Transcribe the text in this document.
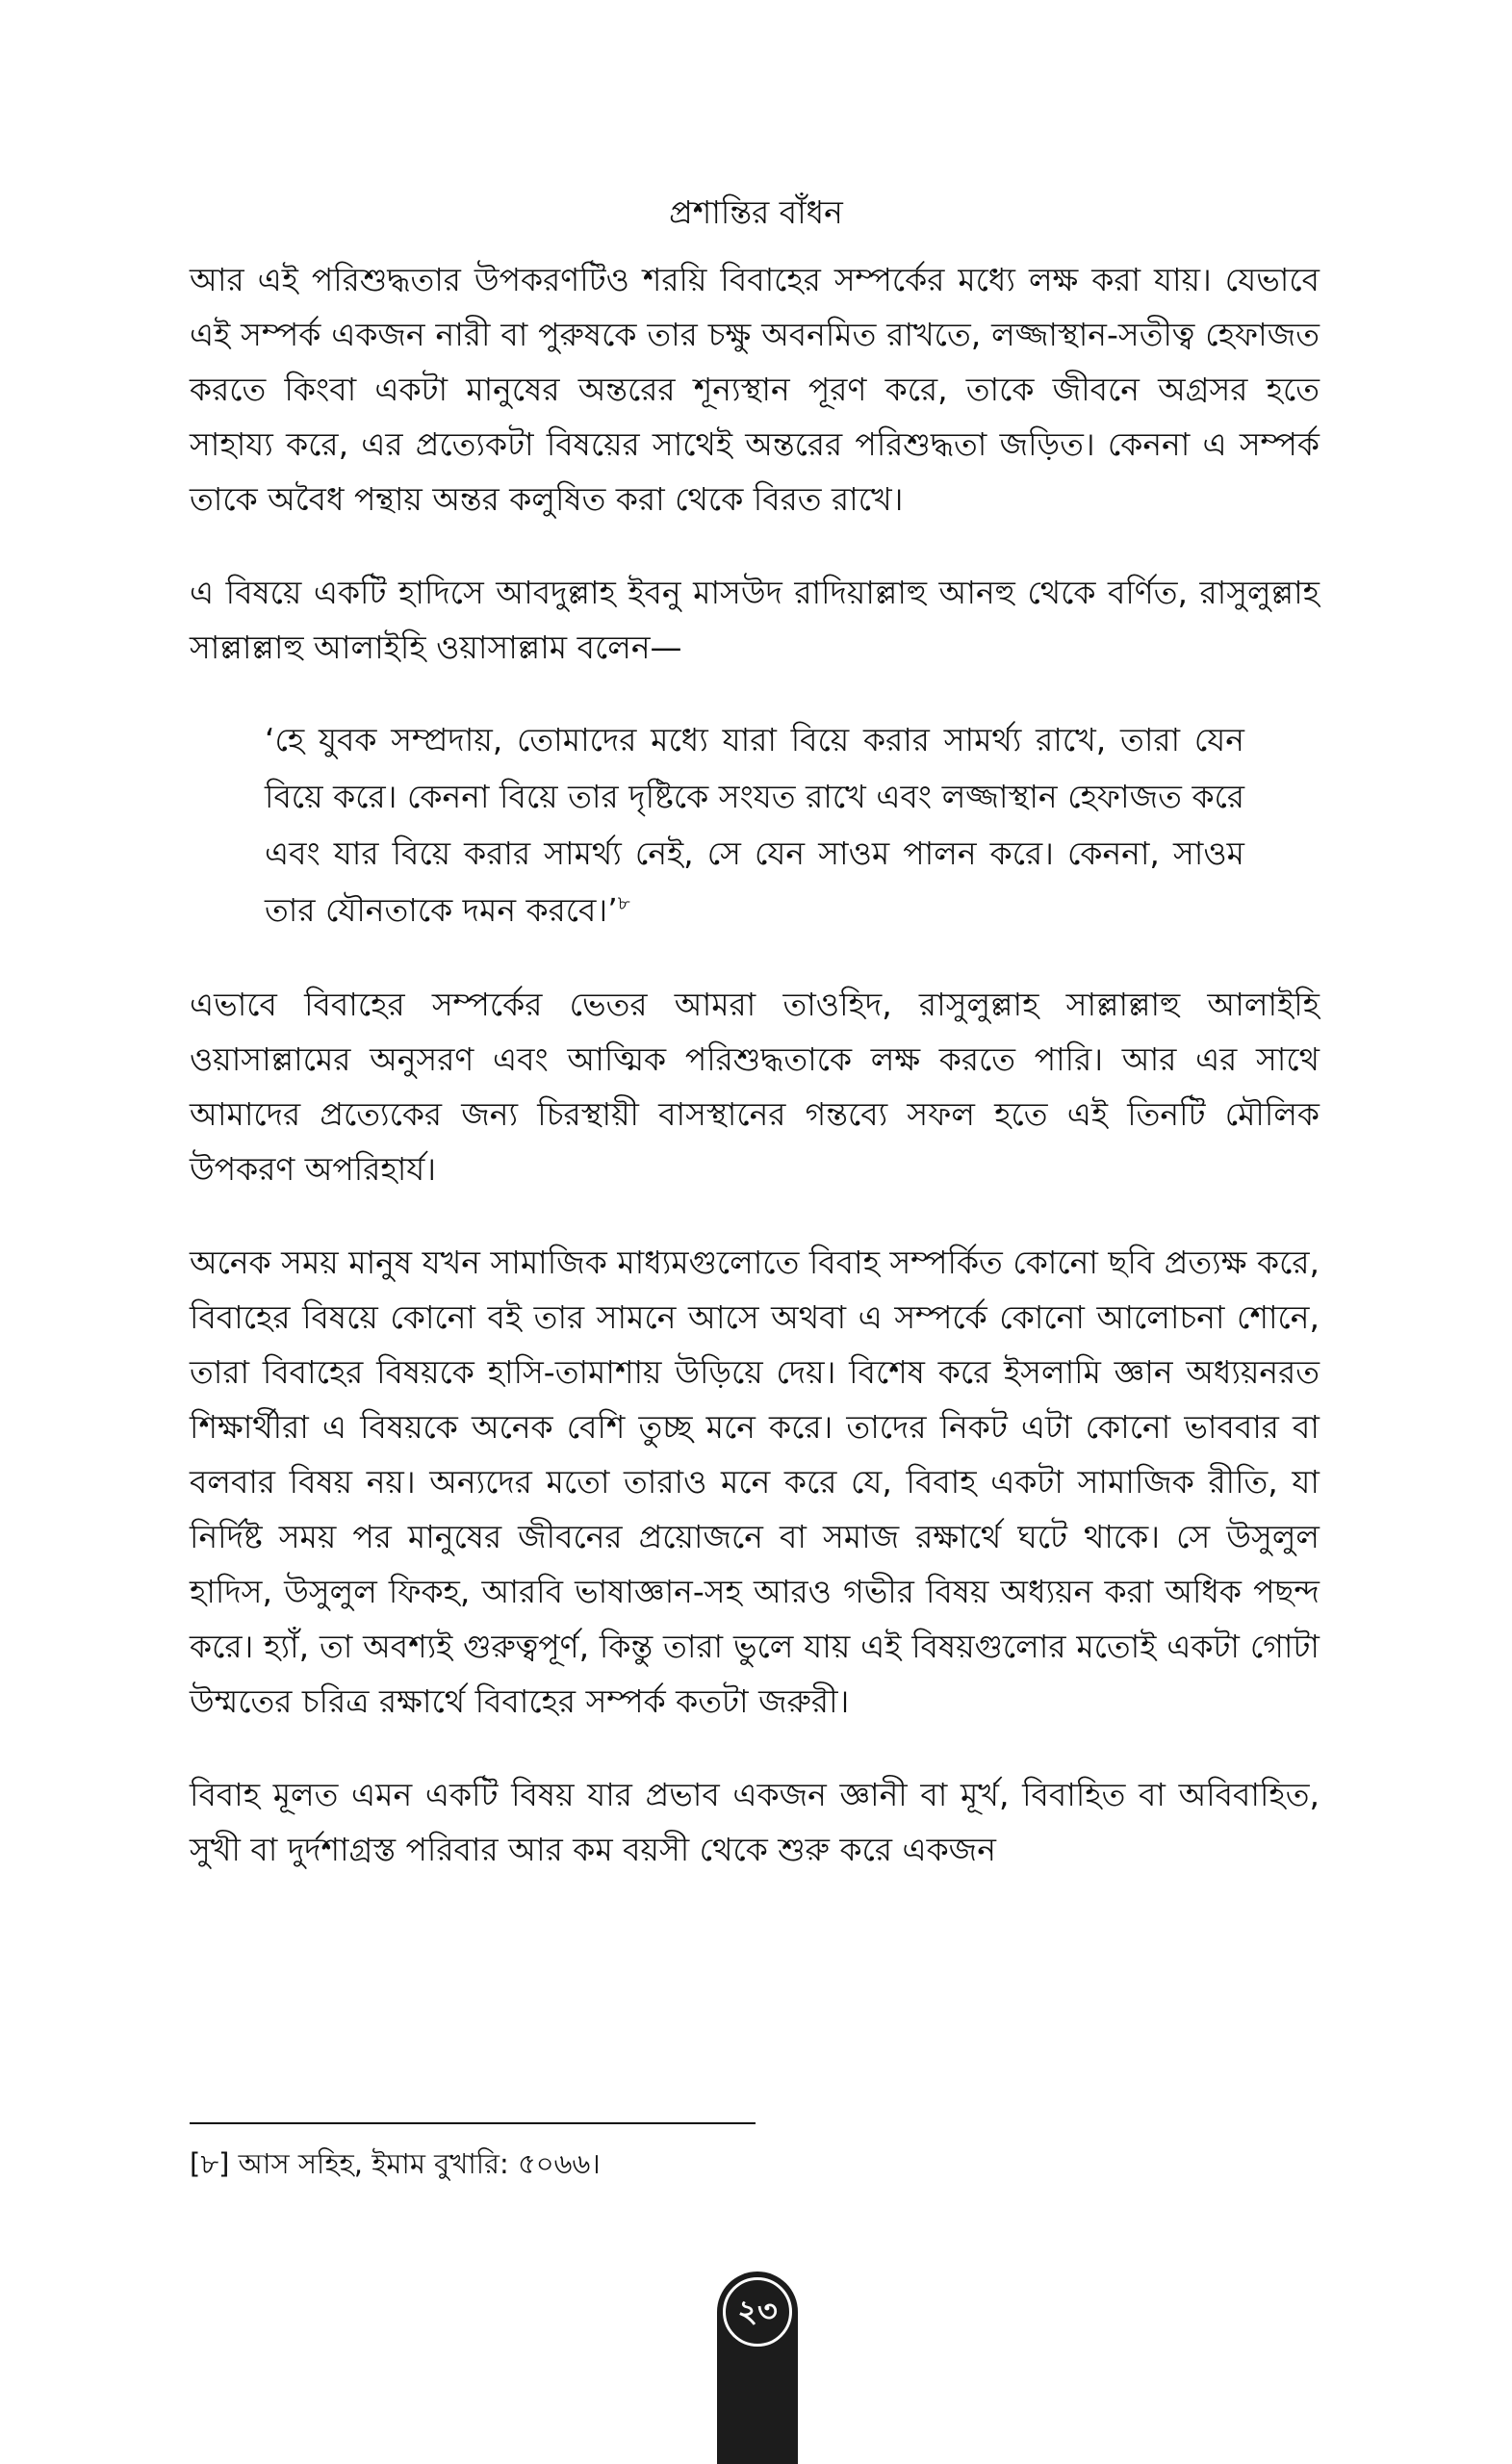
প্রশান্তির বাঁধন

আর এই পরিশুদ্ধতার উপকরণটিও শরয়ি বিবাহের সম্পর্কের মধ্যে লক্ষ করা যায়। যেভাবে এই সম্পর্ক একজন নারী বা পুরুষকে তার চক্ষু অবনমিত রাখতে, লজ্জাস্থান-সতীত্ব হেফাজত করতে কিংবা একটা মানুষের অন্তরের শূন্যস্থান পূরণ করে, তাকে জীবনে অগ্রসর হতে সাহায্য করে, এর প্রত্যেকটা বিষয়ের সাথেই অন্তরের পরিশুদ্ধতা জড়িত। কেননা এ সম্পর্ক তাকে অবৈধ পন্থায় অন্তর কলুষিত করা থেকে বিরত রাখে।

এ বিষয়ে একটি হাদিসে আবদুল্লাহ ইবনু মাসউদ রাদিয়াল্লাহু আনহু থেকে বর্ণিত, রাসুলুল্লাহ সাল্লাল্লাহু আলাইহি ওয়াসাল্লাম বলেন—

‘হে যুবক সম্প্রদায়, তোমাদের মধ্যে যারা বিয়ে করার সামর্থ্য রাখে, তারা যেন বিয়ে করে। কেননা বিয়ে তার দৃষ্টিকে সংযত রাখে এবং লজ্জাস্থান হেফাজত করে এবং যার বিয়ে করার সামর্থ্য নেই, সে যেন সাওম পালন করে। কেননা, সাওম তার যৌনতাকে দমন করবে।’$^৮$

এভাবে বিবাহের সম্পর্কের ভেতর আমরা তাওহিদ, রাসুলুল্লাহ সাল্লাল্লাহু আলাইহি ওয়াসাল্লামের অনুসরণ এবং আত্মিক পরিশুদ্ধতাকে লক্ষ করতে পারি। আর এর সাথে আমাদের প্রত্যেকের জন্য চিরস্থায়ী বাসস্থানের গন্তব্যে সফল হতে এই তিনটি মৌলিক উপকরণ অপরিহার্য।

অনেক সময় মানুষ যখন সামাজিক মাধ্যমগুলোতে বিবাহ সম্পর্কিত কোনো ছবি প্রত্যক্ষ করে, বিবাহের বিষয়ে কোনো বই তার সামনে আসে অথবা এ সম্পর্কে কোনো আলোচনা শোনে, তারা বিবাহের বিষয়কে হাসি-তামাশায় উড়িয়ে দেয়। বিশেষ করে ইসলামি জ্ঞান অধ্যয়নরত শিক্ষার্থীরা এ বিষয়কে অনেক বেশি তুচ্ছ মনে করে। তাদের নিকট এটা কোনো ভাববার বা বলবার বিষয় নয়। অন্যদের মতো তারাও মনে করে যে, বিবাহ একটা সামাজিক রীতি, যা নির্দিষ্ট সময় পর মানুষের জীবনের প্রয়োজনে বা সমাজ রক্ষার্থে ঘটে থাকে। সে উসুলুল হাদিস, উসুলুল ফিকহ, আরবি ভাষাজ্ঞান-সহ আরও গভীর বিষয় অধ্যয়ন করা অধিক পছন্দ করে। হ্যাঁ, তা অবশ্যই গুরুত্বপূর্ণ, কিন্তু তারা ভুলে যায় এই বিষয়গুলোর মতোই একটা গোটা উম্মতের চরিত্র রক্ষার্থে বিবাহের সম্পর্ক কতটা জরুরী।

বিবাহ মূলত এমন একটি বিষয় যার প্রভাব একজন জ্ঞানী বা মূর্খ, বিবাহিত বা অবিবাহিত, সুখী বা দুর্দশাগ্রস্ত পরিবার আর কম বয়সী থেকে শুরু করে একজন

[৮] আস সহিহ, ইমাম বুখারি: ৫০৬৬।
২৩
